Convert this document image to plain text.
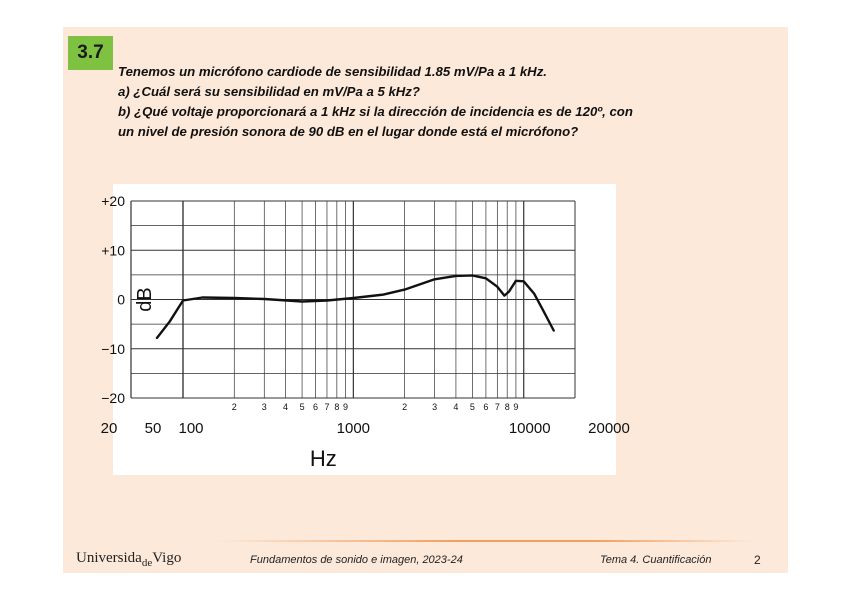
3.7
Tenemos un micrófono cardiode de sensibilidad 1.85 mV/Pa a 1 kHz.
a) ¿Cuál será su sensibilidad en mV/Pa a 5 kHz?
b) ¿Qué voltaje proporcionará a 1 kHz si la dirección de incidencia es de 120º, con
un nivel de presión sonora de 90 dB en el lugar donde está el micrófono?
+20
+10
0
−10
−20
dB
2	3 4 5 6 7 8 9	2	3 4 5 6 7 8 9
20 50 100	1000	10000	20000
Hz
Universida$_{de}$Vigo	Fundamentos de sonido e imagen, 2023-24	Tema 4. Cuantificación	2
